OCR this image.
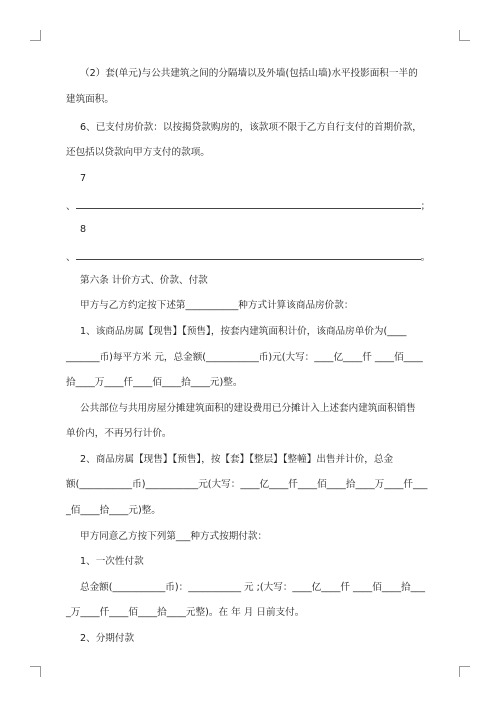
（2）套(单元)与公共建筑之间的分隔墙以及外墙(包括山墙)水平投影面积一半的
建筑面积。
6、已支付房价款：以按揭贷款购房的，该款项不限于乙方自行支付的首期价款，
还包括以贷款向甲方支付的款项。
7
、	；
8
、	。
第六条 计价方式、价款、付款
甲方与乙方约定按下述第___________种方式计算该商品房价款：
1、该商品房属【现售】【预售】，按套内建筑面积计价，该商品房单价为(____
_______币)每平方米 元，总金额(___________币)元(大写：____亿____仟 ____佰____
拾____万____仟____佰____拾____元)整。
公共部位与共用房屋分摊建筑面积的建设费用已分摊计入上述套内建筑面积销售
单价内，不再另行计价。
2、商品房属【现售】【预售】，按【套】【整层】【整幢】出售并计价，总金
额(___________币)___________元(大写：____亿____仟____佰____拾____万____仟___
_佰____拾____元)整。
甲方同意乙方按下列第___种方式按期付款：
1、一次性付款
总金额(___________币)：___________ 元 ;(大写：____亿____仟 ____佰____拾___
_万____仟____佰____拾____元整)。在 年 月 日前支付。
2、分期付款
